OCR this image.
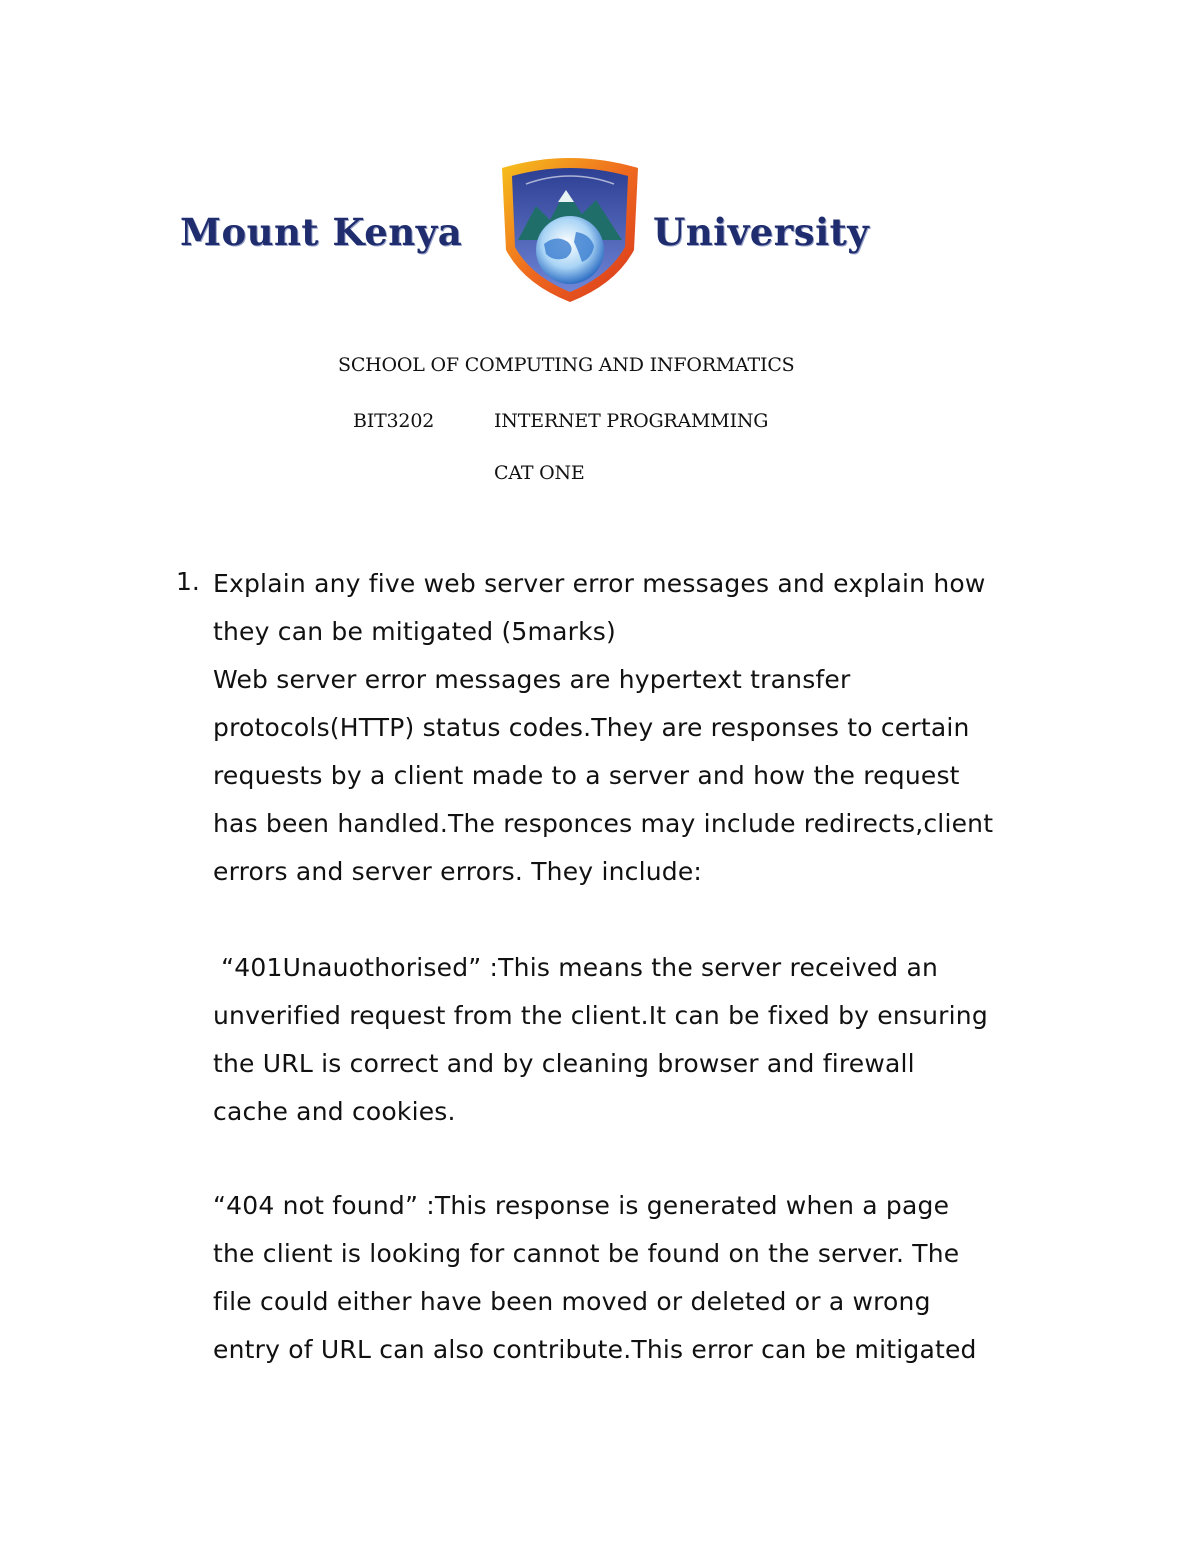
Mount Kenya	University
SCHOOL OF COMPUTING AND INFORMATICS
BIT3202	INTERNET PROGRAMMING
CAT ONE
1. Explain any five web server error messages and explain how
they can be mitigated (5marks)
Web server error messages are hypertext transfer
protocols(HTTP) status codes.They are responses to certain
requests by a client made to a server and how the request
has been handled.The responces may include redirects,client
errors and server errors. They include:
“401Unauothorised” :This means the server received an
unverified request from the client.It can be fixed by ensuring
the URL is correct and by cleaning browser and firewall
cache and cookies.
“404 not found” :This response is generated when a page
the client is looking for cannot be found on the server. The
file could either have been moved or deleted or a wrong
entry of URL can also contribute.This error can be mitigated
